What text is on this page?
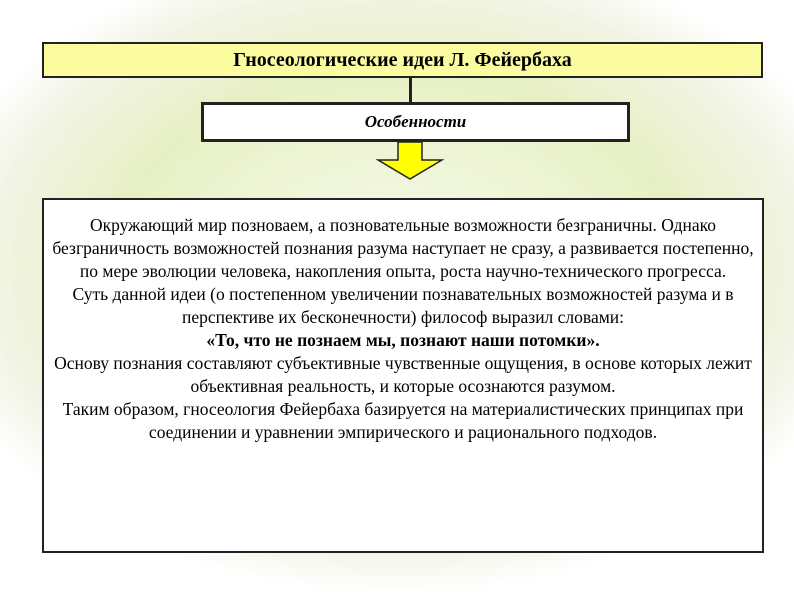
Гносеологические идеи Л. Фейербаха
Особенности

Окружающий мир позноваем, а позновательные возможности безграничны. Однако безграничность возможностей познания разума наступает не сразу, а развивается постепенно, по мере эволюции человека, накопления опыта, роста научно-технического прогресса.

Суть данной идеи (о постепенном увеличении познавательных возможностей разума и в перспективе их бесконечности) философ выразил словами:

«То, что не познаем мы, познают наши потомки».

Основу познания составляют субъективные чувственные ощущения, в основе которых лежит объективная реальность, и которые осознаются разумом.

Таким образом, гносеология Фейербаха базируется на материалистических принципах при соединении и уравнении эмпирического и рационального подходов.
